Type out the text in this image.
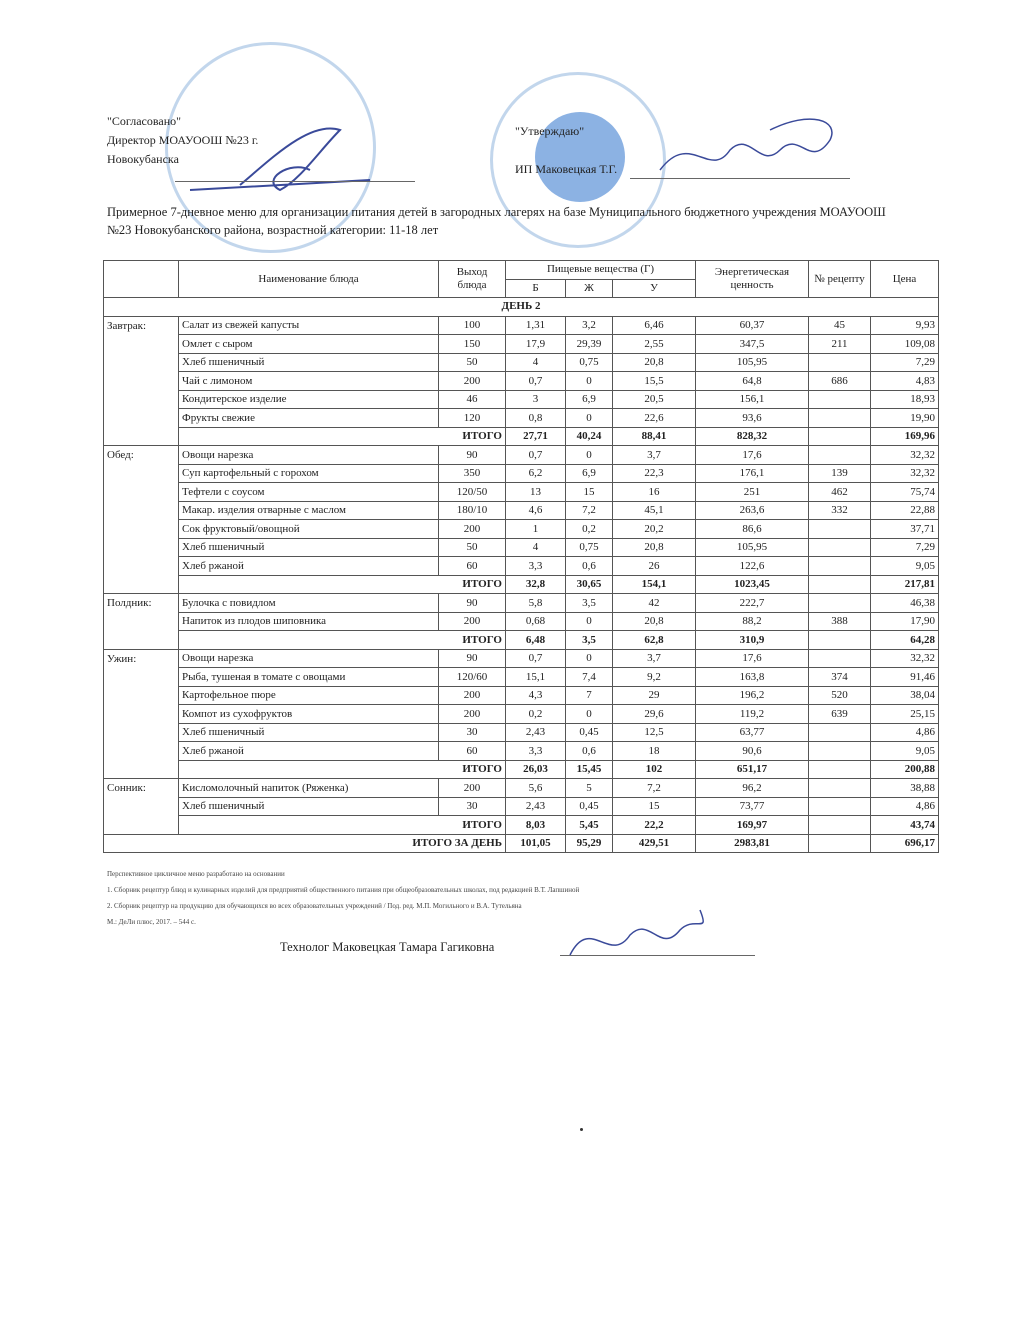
"Согласовано"
Директор МОАУООШ №23 г.
Новокубанска
"Утверждаю"
ИП Маковецкая Т.Г.
Примерное 7-дневное меню для организации питания детей в загородных лагерях на базе Муниципального бюджетного учреждения МОАУООШ №23 Новокубанского района, возрастной категории: 11-18 лет
	Наименование блюда	Выход блюда	Пищевые вещества (Г)			Энергетическая ценность	№ рецепту	Цена
			Б	Ж	У			
ДЕНЬ 2								
Завтрак:	Салат из свежей капусты	100	1,31	3,2	6,46	60,37	45	9,93
	Омлет с сыром	150	17,9	29,39	2,55	347,5	211	109,08
	Хлеб пшеничный	50	4	0,75	20,8	105,95		7,29
	Чай с лимоном	200	0,7	0	15,5	64,8	686	4,83
	Кондитерское изделие	46	3	6,9	20,5	156,1		18,93
	Фрукты свежие	120	0,8	0	22,6	93,6		19,90
	ИТОГО		27,71	40,24	88,41	828,32		169,96
Обед:	Овощи нарезка	90	0,7	0	3,7	17,6		32,32
	Суп картофельный с горохом	350	6,2	6,9	22,3	176,1	139	32,32
	Тефтели с соусом	120/50	13	15	16	251	462	75,74
	Макар. изделия отварные с маслом	180/10	4,6	7,2	45,1	263,6	332	22,88
	Сок фруктовый/овощной	200	1	0,2	20,2	86,6		37,71
	Хлеб пшеничный	50	4	0,75	20,8	105,95		7,29
	Хлеб ржаной	60	3,3	0,6	26	122,6		9,05
	ИТОГО		32,8	30,65	154,1	1023,45		217,81
Полдник:	Булочка с повидлом	90	5,8	3,5	42	222,7		46,38
	Напиток из плодов шиповника	200	0,68	0	20,8	88,2	388	17,90
	ИТОГО		6,48	3,5	62,8	310,9		64,28
Ужин:	Овощи нарезка	90	0,7	0	3,7	17,6		32,32
	Рыба, тушеная в томате с овощами	120/60	15,1	7,4	9,2	163,8	374	91,46
	Картофельное пюре	200	4,3	7	29	196,2	520	38,04
	Компот из сухофруктов	200	0,2	0	29,6	119,2	639	25,15
	Хлеб пшеничный	30	2,43	0,45	12,5	63,77		4,86
	Хлеб ржаной	60	3,3	0,6	18	90,6		9,05
	ИТОГО		26,03	15,45	102	651,17		200,88
Сонник:	Кисломолочный напиток (Ряженка)	200	5,6	5	7,2	96,2		38,88
	Хлеб пшеничный	30	2,43	0,45	15	73,77		4,86
	ИТОГО		8,03	5,45	22,2	169,97		43,74
ИТОГО ЗА ДЕНЬ			101,05	95,29	429,51	2983,81		696,17
Перспективное цикличное меню разработано на основании
1. Сборник рецептур блюд и кулинарных изделий для предприятий общественного питания при общеобразовательных школах, под редакцией В.Т. Лапшиной
2. Сборник рецептур на продукцию для обучающихся во всех образовательных учреждений / Под. ред. М.П. Могильного и В.А. Тутельяна
М.: ДеЛи плюс, 2017. – 544 с.
Технолог Маковецкая Тамара Гагиковна
